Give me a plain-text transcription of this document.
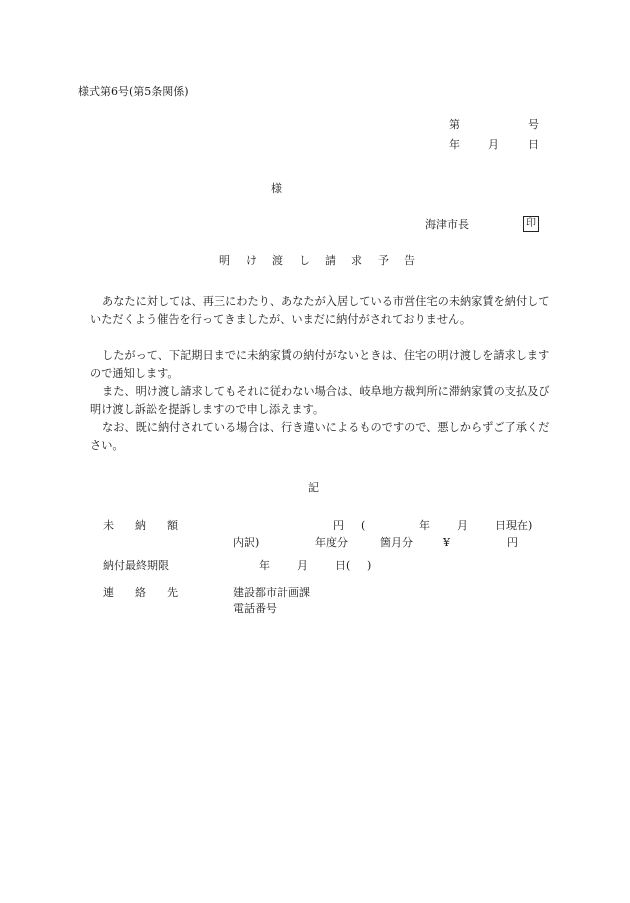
様式第6号(第5条関係)
第	号
年	月	日
様
海津市長	印
明 け 渡 し 請 求 予 告
あなたに対しては、再三にわたり、あなたが入居している市営住宅の未納家賃を納付していただくよう催告を行ってきましたが、いまだに納付がされておりません。
したがって、下記期日までに未納家賃の納付がないときは、住宅の明け渡しを請求しますので通知します。
また、明け渡し請求してもそれに従わない場合は、岐阜地方裁判所に滞納家賃の支払及び明け渡し訴訟を提訴しますので申し添えます。
なお、既に納付されている場合は、行き違いによるものですので、悪しからずご了承ください。
記
未 納 額	円 (	年 月 日現在)
内訳)	年度分	箇月分	¥	円
納付最終期限	年 月 日( )
連 絡 先	建設都市計画課
電話番号
